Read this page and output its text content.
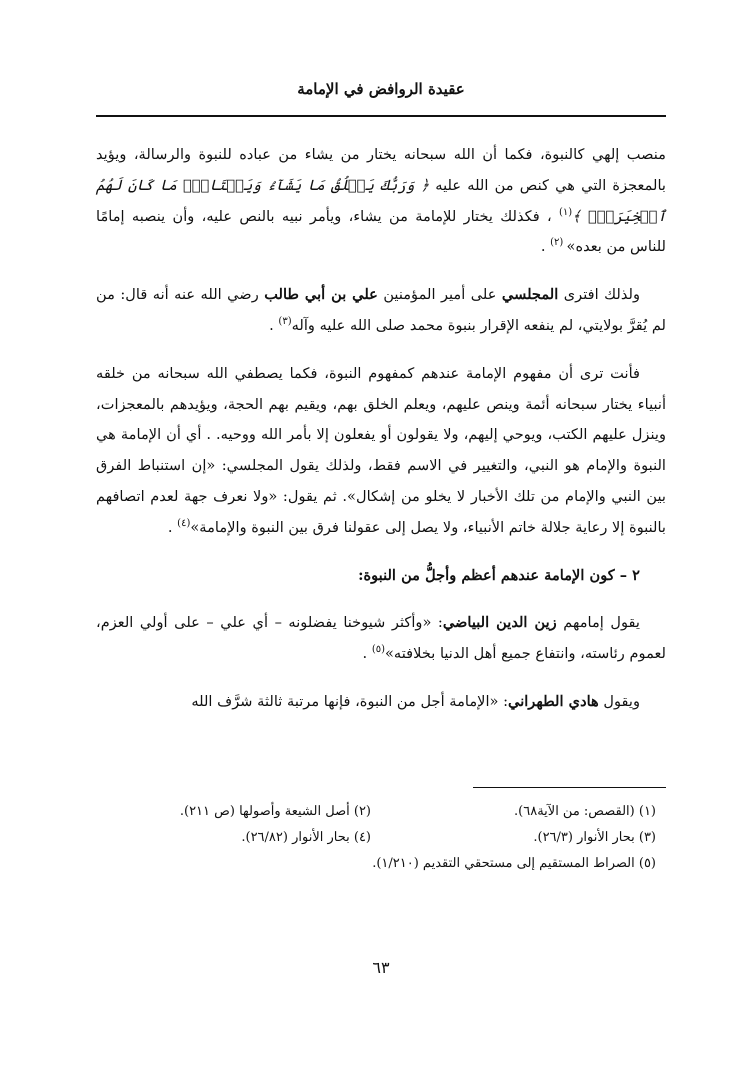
عقيدة الروافض في الإمامة

منصب إلهي كالنبوة، فكما أن الله سبحانه يختار من يشاء من عباده للنبوة والرسالة، ويؤيد بالمعجزة التي هي كنص من الله عليه ﴿ وَرَبُّكَ يَخۡلُقُ مَا يَشَآءُ وَيَخۡتَارُۗ مَا كَانَ لَهُمُ ٱلۡخِيَرَةُۚ ﴾$^{(١)}$ ، فكذلك يختار للإمامة من يشاء، ويأمر نبيه بالنص عليه، وأن ينصبه إمامًا للناس من بعده» $^{(٢)}$ .

ولذلك افترى المجلسي على أمير المؤمنين علي بن أبي طالب رضي الله عنه أنه قال: من لم يُقرَّ بولايتي، لم ينفعه الإقرار بنبوة محمد صلى الله عليه وآله$^{(٣)}$ .

فأنت ترى أن مفهوم الإمامة عندهم كمفهوم النبوة، فكما يصطفي الله سبحانه من خلقه أنبياء يختار سبحانه أئمة وينص عليهم، ويعلم الخلق بهم، ويقيم بهم الحجة، ويؤيدهم بالمعجزات، وينزل عليهم الكتب، ويوحي إليهم، ولا يقولون أو يفعلون إلا بأمر الله ووحيه. . أي أن الإمامة هي النبوة والإمام هو النبي، والتغيير في الاسم فقط، ولذلك يقول المجلسي: «إن استنباط الفرق بين النبي والإمام من تلك الأخبار لا يخلو من إشكال». ثم يقول: «ولا نعرف جهة لعدم اتصافهم بالنبوة إلا رعاية جلالة خاتم الأنبياء، ولا يصل إلى عقولنا فرق بين النبوة والإمامة»$^{(٤)}$ .

٢ – كون الإمامة عندهم أعظم وأجلُّ من النبوة:

يقول إمامهم زين الدين البياضي: «وأكثر شيوخنا يفضلونه – أي علي – على أولي العزم، لعموم رئاسته، وانتفاع جميع أهل الدنيا بخلافته»$^{(٥)}$ .

ويقول هادي الطهراني: «الإمامة أجل من النبوة، فإنها مرتبة ثالثة شرَّف الله

(١) (القصص: من الآية٦٨).
(٢) أصل الشيعة وأصولها (ص ٢١١).
(٣) بحار الأنوار (٢٦/٣).
(٤) بحار الأنوار (٢٦/٨٢).
(٥) الصراط المستقيم إلى مستحقي التقديم (١/٢١٠).
٦٣
